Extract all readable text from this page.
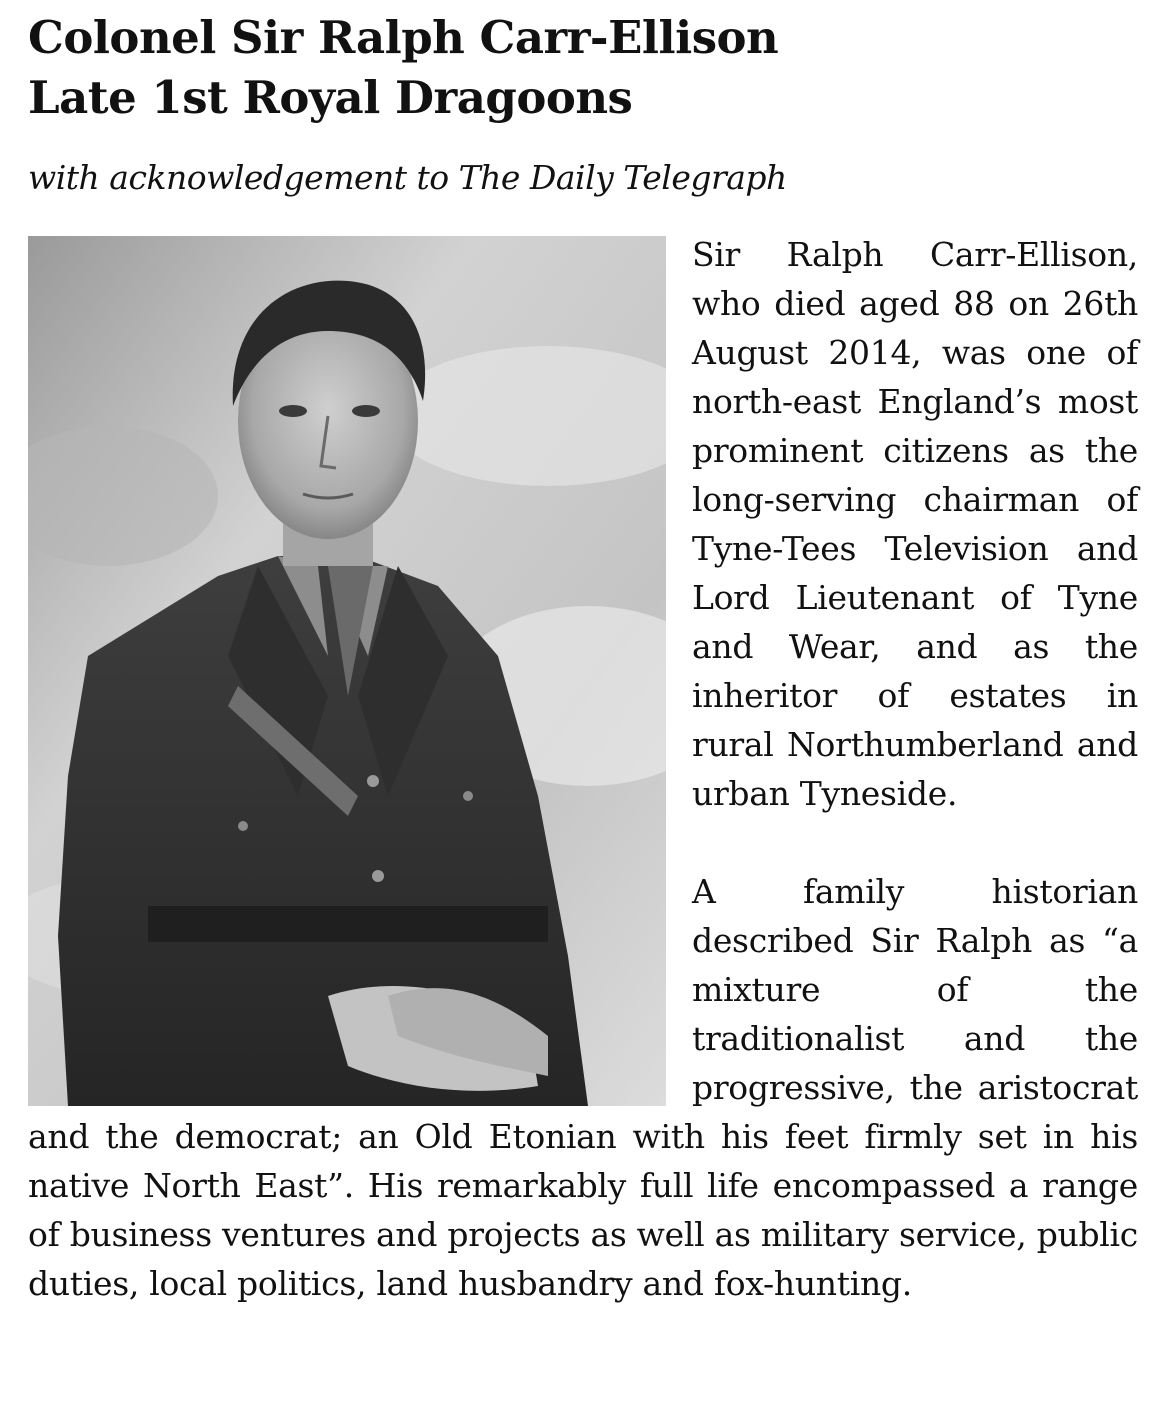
Colonel Sir Ralph Carr-Ellison
Late 1st Royal Dragoons
with acknowledgement to The Daily Telegraph

Sir Ralph Carr-Ellison, who died aged 88 on 26th August 2014, was one of north-east England’s most prominent citizens as the long-serving chairman of Tyne-Tees Television and Lord Lieutenant of Tyne and Wear, and as the inheritor of estates in rural Northumberland and urban Tyneside.

A family historian described Sir Ralph as “a mixture of the traditionalist and the progressive, the aristocrat and the democrat; an Old Etonian with his feet firmly set in his native North East”. His remarkably full life encompassed a range of business ventures and projects as well as military service, public duties, local politics, land husbandry and fox-hunting.
